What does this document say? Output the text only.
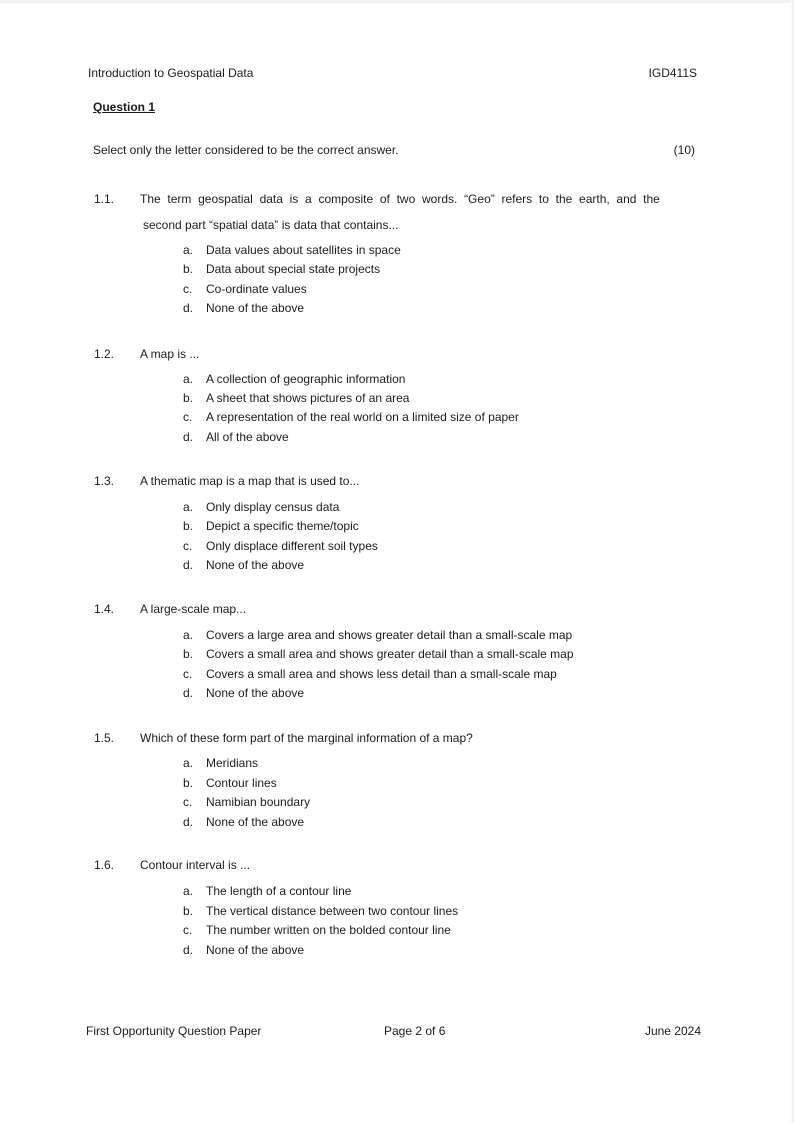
Introduction to Geospatial Data	IGD411S
Question 1
Select only the letter considered to be the correct answer.	(10)
1.1. The term geospatial data is a composite of two words. “Geo” refers to the earth, and the
second part “spatial data” is data that contains...
a. Data values about satellites in space
b. Data about special state projects
c. Co-ordinate values
d. None of the above
1.2. A map is ...
a. A collection of geographic information
b. A sheet that shows pictures of an area
c. A representation of the real world on a limited size of paper
d. All of the above
1.3. A thematic map is a map that is used to...
a. Only display census data
b. Depict a specific theme/topic
c. Only displace different soil types
d. None of the above
1.4. A large-scale map...
a. Covers a large area and shows greater detail than a small-scale map
b. Covers a small area and shows greater detail than a small-scale map
c. Covers a small area and shows less detail than a small-scale map
d. None of the above
1.5. Which of these form part of the marginal information of a map?
a. Meridians
b. Contour lines
c. Namibian boundary
d. None of the above
1.6. Contour interval is ...
a. The length of a contour line
b. The vertical distance between two contour lines
c. The number written on the bolded contour line
d. None of the above
First Opportunity Question Paper	Page 2 of 6	June 2024
